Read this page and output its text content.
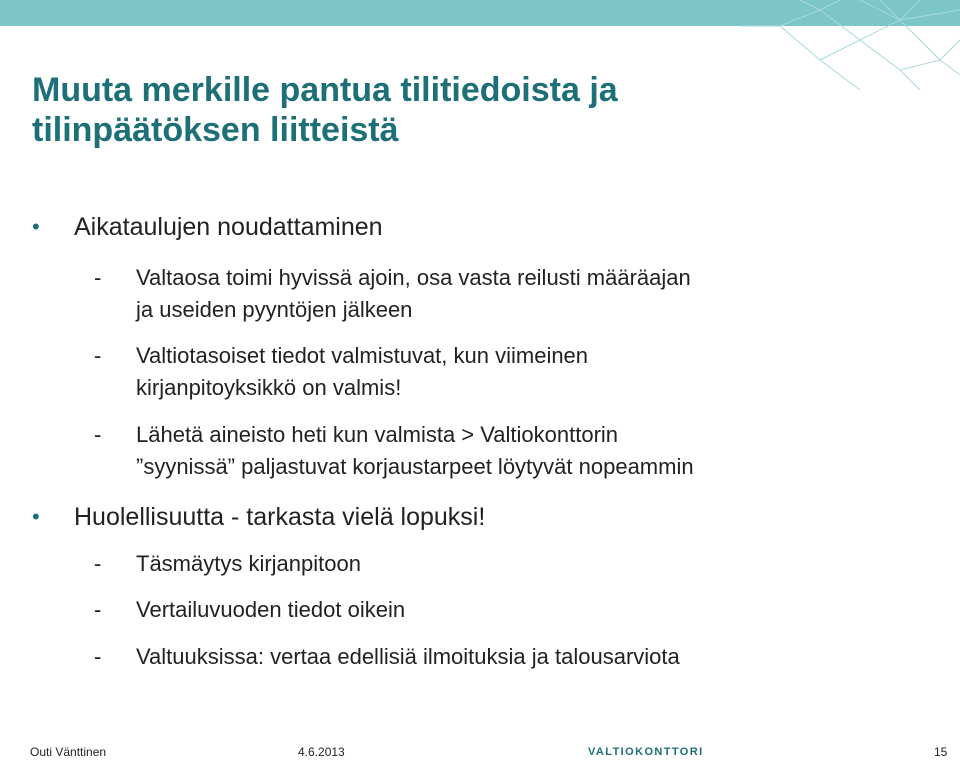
Muuta merkille pantua tilitiedoista ja
tilinpäätöksen liitteistä
• Aikataulujen noudattaminen
- Valtaosa toimi hyvissä ajoin, osa vasta reilusti määräajan
ja useiden pyyntöjen jälkeen
- Valtiotasoiset tiedot valmistuvat, kun viimeinen
kirjanpitoyksikkö on valmis!
- Lähetä aineisto heti kun valmista > Valtiokonttorin
”syynissä” paljastuvat korjaustarpeet löytyvät nopeammin
• Huolellisuutta - tarkasta vielä lopuksi!
- Täsmäytys kirjanpitoon
- Vertailuvuoden tiedot oikein
- Valtuuksissa: vertaa edellisiä ilmoituksia ja talousarviota
Outi Vänttinen	4.6.2013	VALTIOKONTTORI	15
